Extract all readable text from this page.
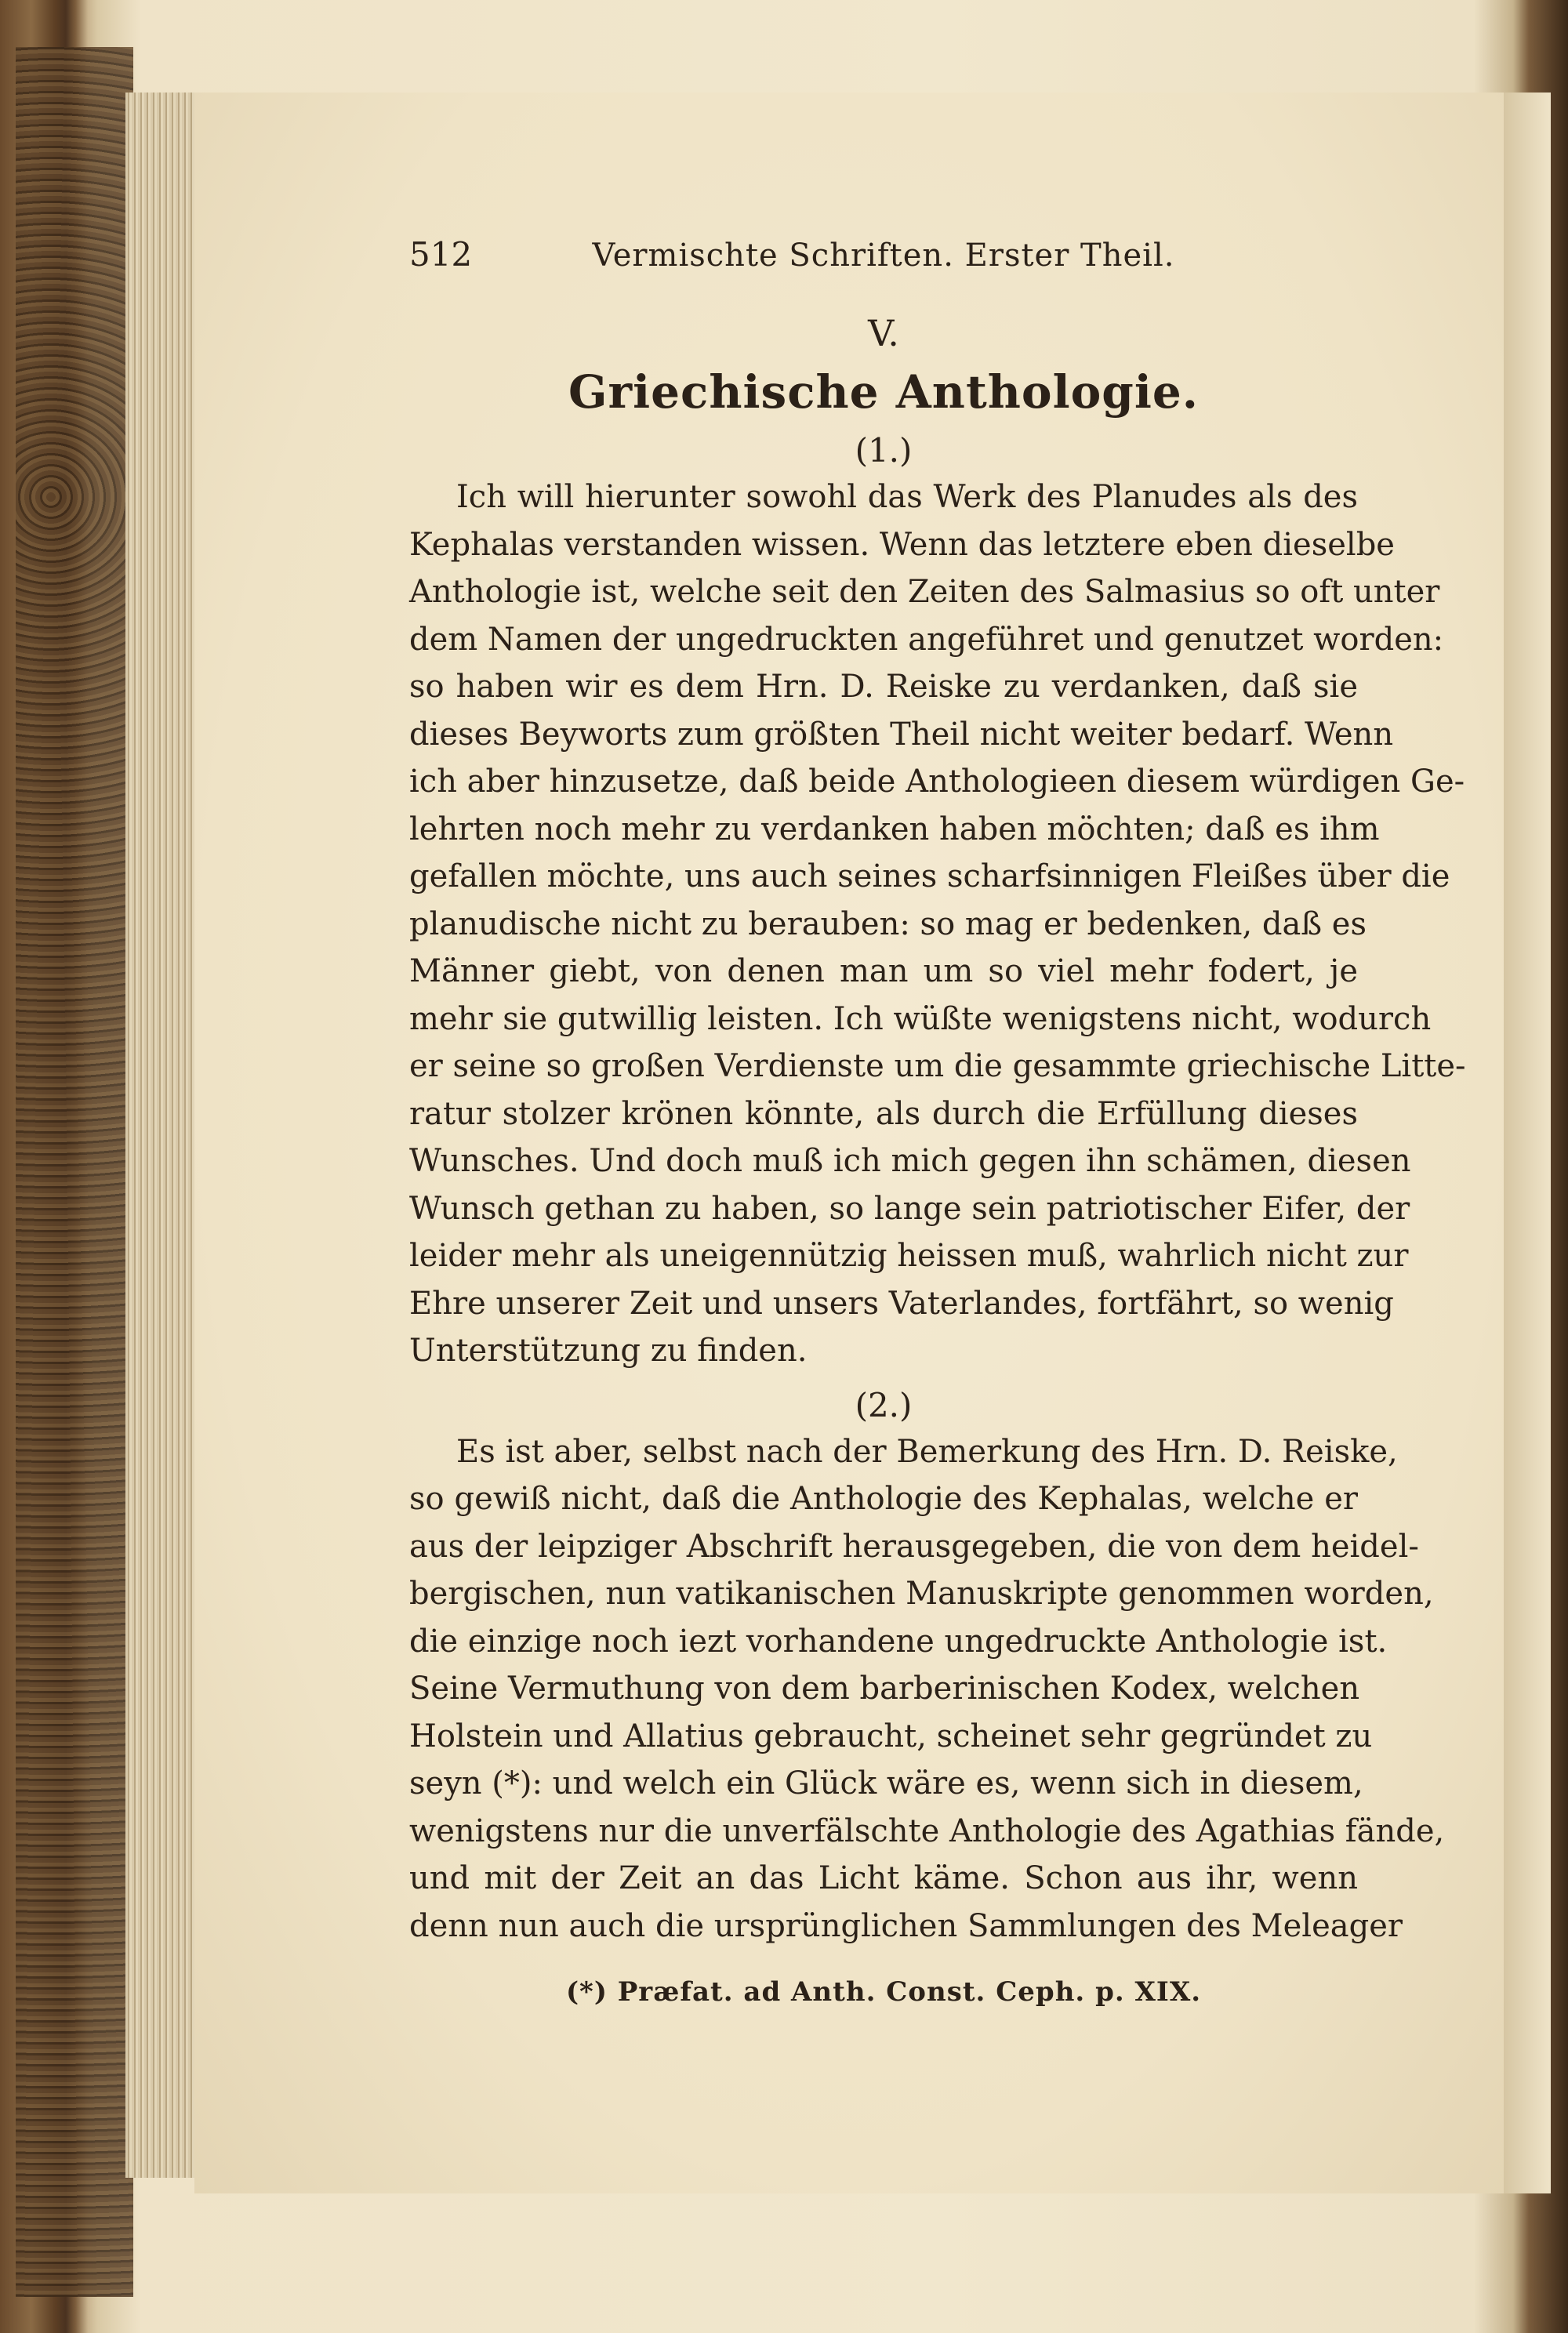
512	Vermischte Schriften. Erster Theil.
V.
Griechische Anthologie.
(1.)
Ich will hierunter sowohl das Werk des Planudes als des
Kephalas verstanden wissen. Wenn das letztere eben dieselbe
Anthologie ist, welche seit den Zeiten des Salmasius so oft unter
dem Namen der ungedruckten angeführet und genutzet worden:
so haben wir es dem Hrn. D. Reiske zu verdanken, daß sie
dieses Beyworts zum größten Theil nicht weiter bedarf. Wenn
ich aber hinzusetze, daß beide Anthologieen diesem würdigen Ge-
lehrten noch mehr zu verdanken haben möchten; daß es ihm
gefallen möchte, uns auch seines scharfsinnigen Fleißes über die
planudische nicht zu berauben: so mag er bedenken, daß es
Männer giebt, von denen man um so viel mehr fodert, je
mehr sie gutwillig leisten. Ich wüßte wenigstens nicht, wodurch
er seine so großen Verdienste um die gesammte griechische Litte-
ratur stolzer krönen könnte, als durch die Erfüllung dieses
Wunsches. Und doch muß ich mich gegen ihn schämen, diesen
Wunsch gethan zu haben, so lange sein patriotischer Eifer, der
leider mehr als uneigennützig heissen muß, wahrlich nicht zur
Ehre unserer Zeit und unsers Vaterlandes, fortfährt, so wenig
Unterstützung zu finden.
(2.)
Es ist aber, selbst nach der Bemerkung des Hrn. D. Reiske,
so gewiß nicht, daß die Anthologie des Kephalas, welche er
aus der leipziger Abschrift herausgegeben, die von dem heidel-
bergischen, nun vatikanischen Manuskripte genommen worden,
die einzige noch iezt vorhandene ungedruckte Anthologie ist.
Seine Vermuthung von dem barberinischen Kodex, welchen
Holstein und Allatius gebraucht, scheinet sehr gegründet zu
seyn (*): und welch ein Glück wäre es, wenn sich in diesem,
wenigstens nur die unverfälschte Anthologie des Agathias fände,
und mit der Zeit an das Licht käme. Schon aus ihr, wenn
denn nun auch die ursprünglichen Sammlungen des Meleager
(*) Præfat. ad Anth. Const. Ceph. p. XIX.
